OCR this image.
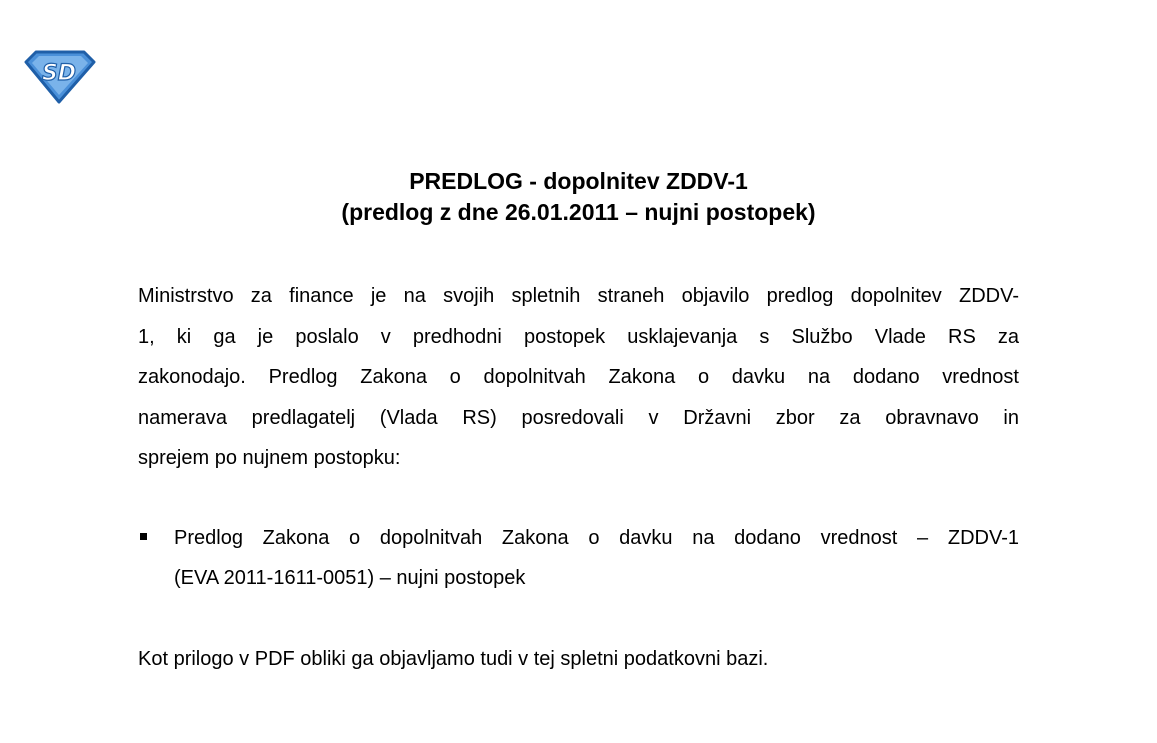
SD
PREDLOG - dopolnitev ZDDV-1
(predlog z dne 26.01.2011 – nujni postopek)
Ministrstvo za finance je na svojih spletnih straneh objavilo predlog dopolnitev ZDDV-
1, ki ga je poslalo v predhodni postopek usklajevanja s Službo Vlade RS za
zakonodajo. Predlog Zakona o dopolnitvah Zakona o davku na dodano vrednost
namerava predlagatelj (Vlada RS) posredovali v Državni zbor za obravnavo in
sprejem po nujnem postopku:
Predlog Zakona o dopolnitvah Zakona o davku na dodano vrednost – ZDDV-1
(EVA 2011-1611-0051) – nujni postopek
Kot prilogo v PDF obliki ga objavljamo tudi v tej spletni podatkovni bazi.
